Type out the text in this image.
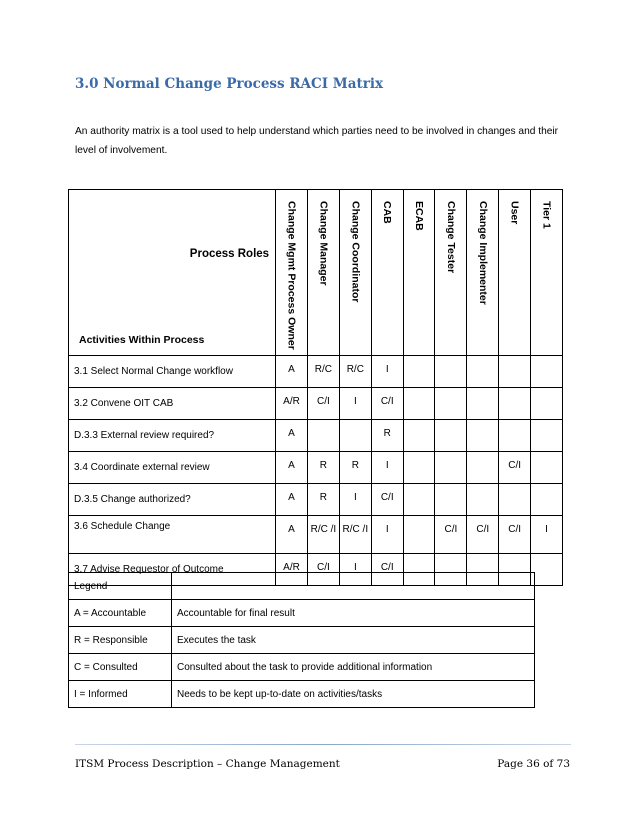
3.0 Normal Change Process RACI Matrix
An authority matrix is a tool used to help understand which parties need to be involved in changes and their level of involvement.
Process Roles
Activities Within Process	Change Mgmt Process Owner	Change Manager	Change Coordinator	CAB	ECAB	Change Tester	Change Implementer	User	Tier 1

3.1 Select Normal Change workflow	A	R/C	R/C	I					
3.2 Convene OIT CAB	A/R	C/I	I	C/I					
D.3.3 External review required?	A			R					
3.4 Coordinate external review	A	R	R	I				C/I	
D.3.5 Change authorized?	A	R	I	C/I					
3.6 Schedule Change	A	R/C /I	R/C /I	I		C/I	C/I	C/I	I
3.7 Advise Requestor of Outcome	A/R	C/I	I	C/I					
Legend	
A = Accountable	Accountable for final result
R = Responsible	Executes the task
C = Consulted	Consulted about the task to provide additional information
I = Informed	Needs to be kept up-to-date on activities/tasks
ITSM Process Description – Change Management	Page 36 of 73
